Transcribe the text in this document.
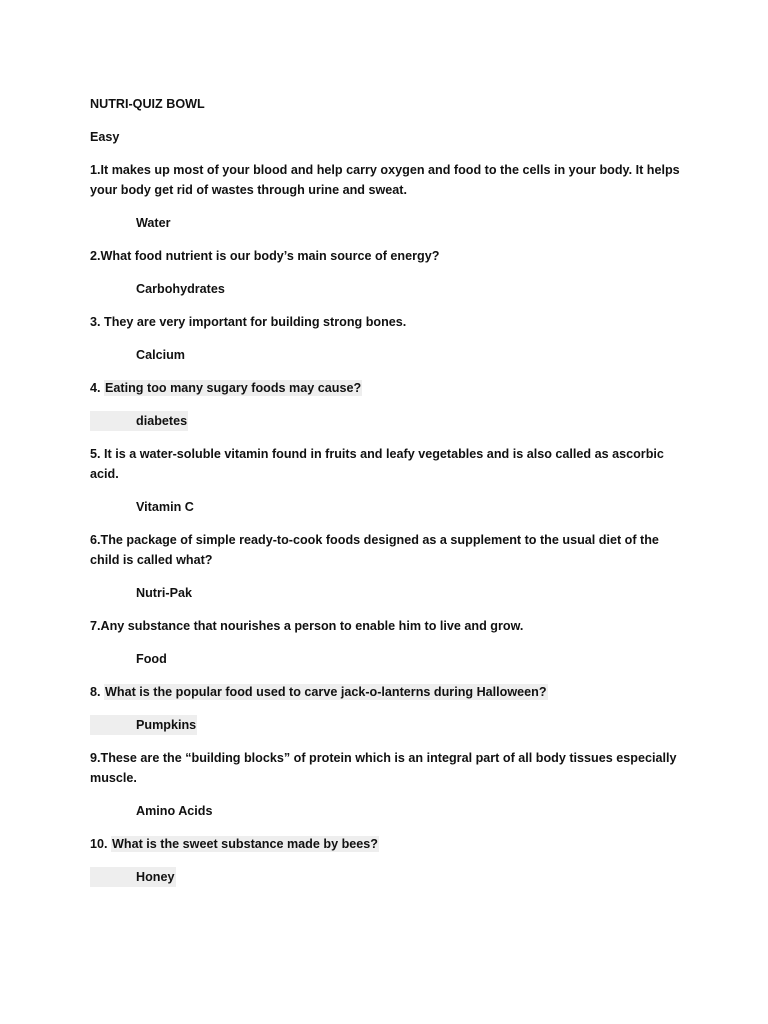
NUTRI-QUIZ BOWL

Easy

1.It makes up most of your blood and help carry oxygen and food to the cells in your body. It helps your body get rid of wastes through urine and sweat.

Water

2.What food nutrient is our body’s main source of energy?

Carbohydrates

3. They are very important for building strong bones.

Calcium

4. Eating too many sugary foods may cause?

diabetes

5. It is a water-soluble vitamin found in fruits and leafy vegetables and is also called as ascorbic acid.

Vitamin C

6.The package of simple ready-to-cook foods designed as a supplement to the usual diet of the child is called what?

Nutri-Pak

7.Any substance that nourishes a person to enable him to live and grow.

Food

8. What is the popular food used to carve jack-o-lanterns during Halloween?

Pumpkins

9.These are the “building blocks” of protein which is an integral part of all body tissues especially muscle.

Amino Acids

10. What is the sweet substance made by bees?

Honey
